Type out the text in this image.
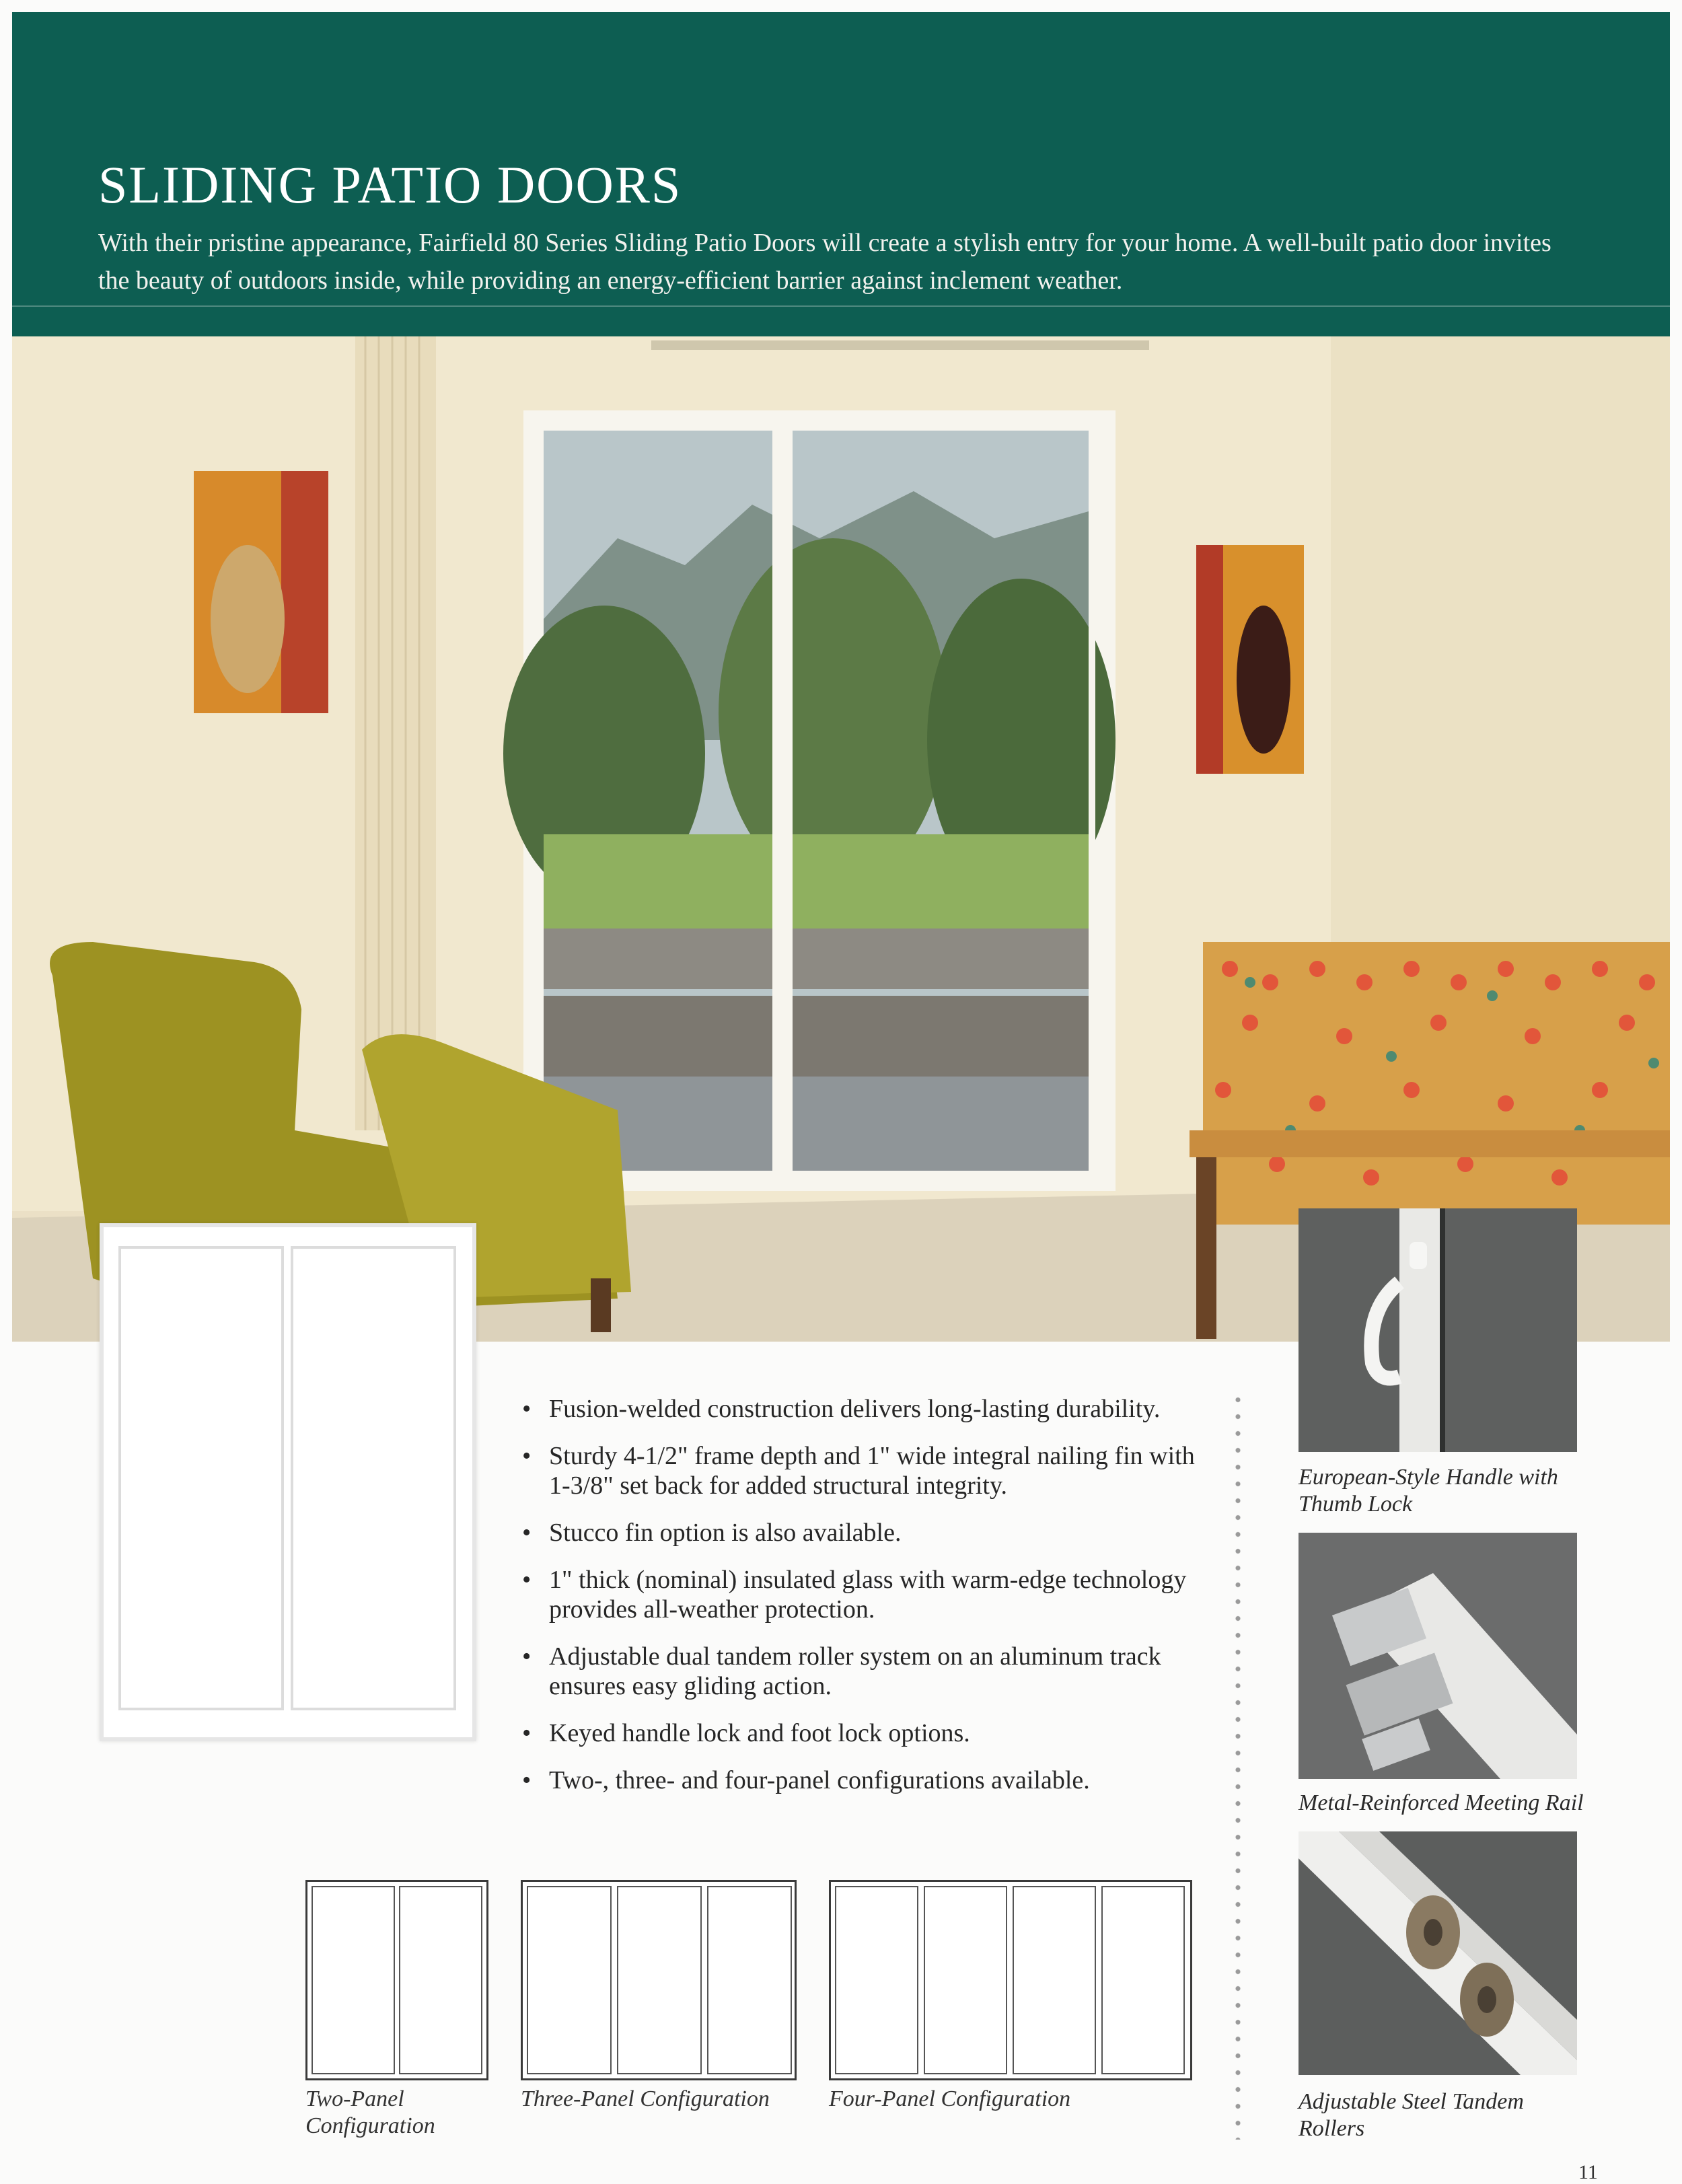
SLIDING PATIO DOORS
With their pristine appearance, Fairfield 80 Series Sliding Patio Doors will create a stylish entry for your home. A well-built patio door invites the beauty of outdoors inside, while providing an energy-efficient barrier against inclement weather.
• Fusion-welded construction delivers long-lasting durability.
• Sturdy 4-1/2" frame depth and 1" wide integral nailing fin with 1-3/8" set back for added structural integrity.
• Stucco fin option is also available.
• 1" thick (nominal) insulated glass with warm-edge technology provides all-weather protection.
• Adjustable dual tandem roller system on an aluminum track ensures easy gliding action.
• Keyed handle lock and foot lock options.
• Two-, three- and four-panel configurations available.
Two-Panel
Configuration
Three-Panel Configuration	Four-Panel Configuration
European-Style Handle with
Thumb Lock
Metal-Reinforced Meeting Rail
Adjustable Steel Tandem Rollers
11
